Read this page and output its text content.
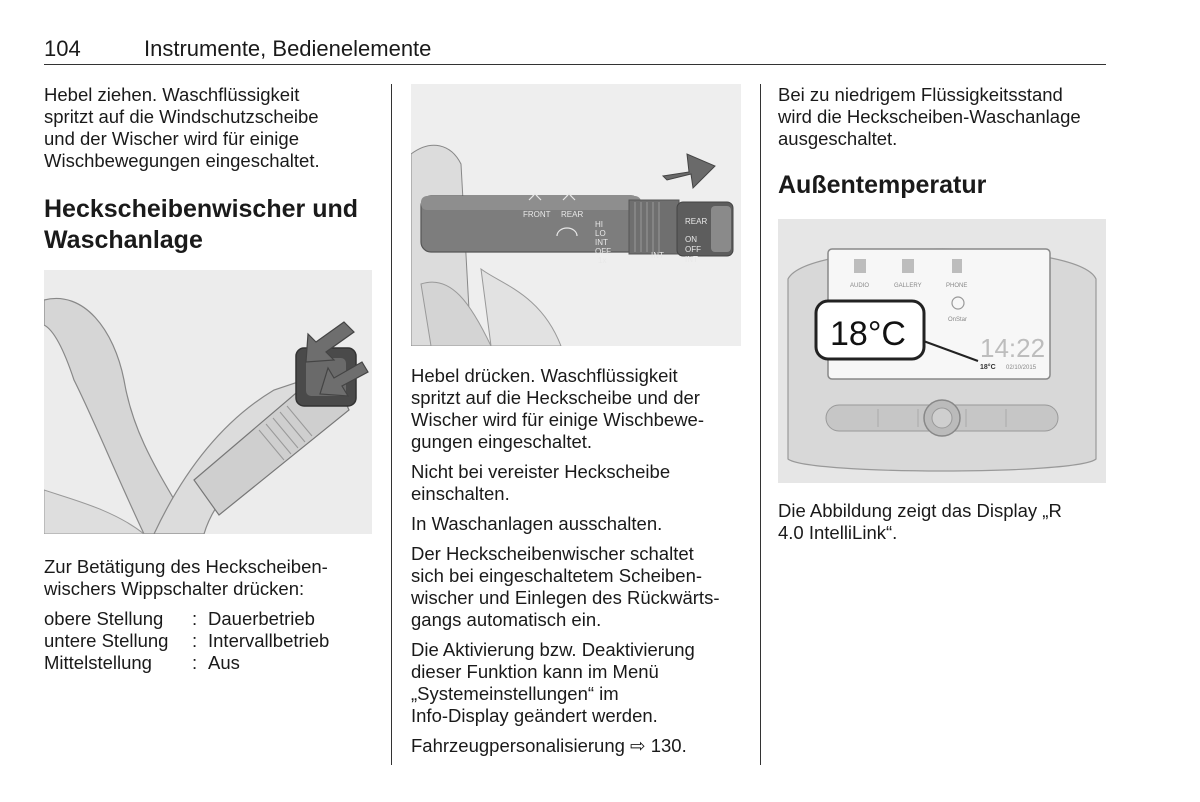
104	Instrumente, Bedienelemente

Hebel ziehen. Waschflüssigkeit
spritzt auf die Windschutzscheibe
und der Wischer wird für einige
Wischbewegungen eingeschaltet.

Heckscheibenwischer und
Waschanlage

Zur Betätigung des Heckscheiben-
wischers Wippschalter drücken:

obere Stellung	:	Dauerbetrieb
untere Stellung	:	Intervallbetrieb
Mittelstellung	:	Aus
FRONT REAR
HI
LO
INT
OFF
1x
INT
REAR
ON
OFF
INT

Hebel drücken. Waschflüssigkeit
spritzt auf die Heckscheibe und der
Wischer wird für einige Wischbewe-
gungen eingeschaltet.

Nicht bei vereister Heckscheibe
einschalten.

In Waschanlagen ausschalten.

Der Heckscheibenwischer schaltet
sich bei eingeschaltetem Scheiben-
wischer und Einlegen des Rückwärts-
gangs automatisch ein.

Die Aktivierung bzw. Deaktivierung
dieser Funktion kann im Menü
„Systemeinstellungen“ im
Info-Display geändert werden.

Fahrzeugpersonalisierung ⇨ 130.

Bei zu niedrigem Flüssigkeitsstand
wird die Heckscheiben-Waschanlage
ausgeschaltet.

Außentemperatur
AUDIO	GALLERY	PHONE
OnStar
14:22
18°C 02/10/2015
18°C

Die Abbildung zeigt das Display „R
4.0 IntelliLink“.
